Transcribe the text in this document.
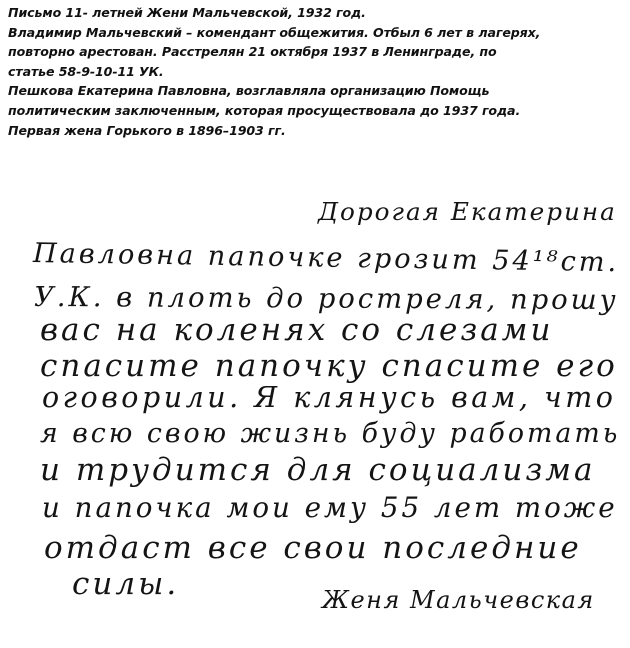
Письмо 11- летней Жени Мальчевской, 1932 год.
Владимир Мальчевский – комендант общежития. Отбыл 6 лет в лагерях,
повторно арестован. Расстрелян 21 октября 1937 в Ленинграде, по
статье 58-9-10-11 УК.
Пешкова Екатерина Павловна, возглавляла организацию Помощь
политическим заключенным, которая просуществовала до 1937 года.
Первая жена Горького в 1896–1903 гг.
Дорогая Екатерина
Павловна папочке грозит 54¹⁸ст.
У.К. в плоть до ростреля, прошу
вас на коленях со слезами
спасите папочку спасите его
оговорили. Я клянусь вам, что
я всю свою жизнь буду работать
и трудится для социализма
и папочка мои ему 55 лет тоже
отдаст все свои последние
силы.	Женя Мальчевская
